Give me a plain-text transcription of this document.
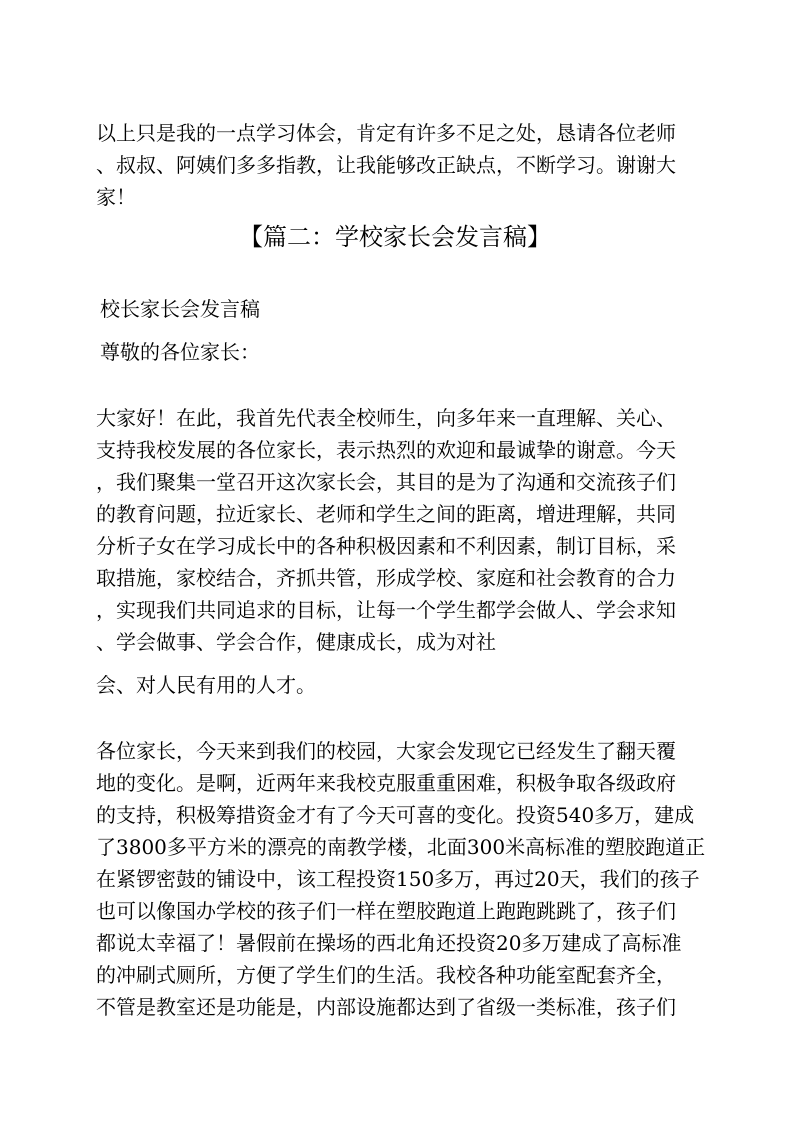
以上只是我的一点学习体会，肯定有许多不足之处，恳请各位老师
、叔叔、阿姨们多多指教，让我能够改正缺点，不断学习。谢谢大
家！
【篇二：学校家长会发言稿】
校长家长会发言稿
尊敬的各位家长：
大家好！在此，我首先代表全校师生，向多年来一直理解、关心、
支持我校发展的各位家长，表示热烈的欢迎和最诚挚的谢意。今天
，我们聚集一堂召开这次家长会，其目的是为了沟通和交流孩子们
的教育问题，拉近家长、老师和学生之间的距离，增进理解，共同
分析子女在学习成长中的各种积极因素和不利因素，制订目标，采
取措施，家校结合，齐抓共管，形成学校、家庭和社会教育的合力
，实现我们共同追求的目标，让每一个学生都学会做人、学会求知
、学会做事、学会合作，健康成长，成为对社
会、对人民有用的人才。
各位家长，今天来到我们的校园，大家会发现它已经发生了翻天覆
地的变化。是啊，近两年来我校克服重重困难，积极争取各级政府
的支持，积极筹措资金才有了今天可喜的变化。投资540多万，建成
了3800多平方米的漂亮的南教学楼，北面300米高标准的塑胶跑道正
在紧锣密鼓的铺设中，该工程投资150多万，再过20天，我们的孩子
也可以像国办学校的孩子们一样在塑胶跑道上跑跑跳跳了，孩子们
都说太幸福了！暑假前在操场的西北角还投资20多万建成了高标准
的冲刷式厕所，方便了学生们的生活。我校各种功能室配套齐全，
不管是教室还是功能是，内部设施都达到了省级一类标准，孩子们
